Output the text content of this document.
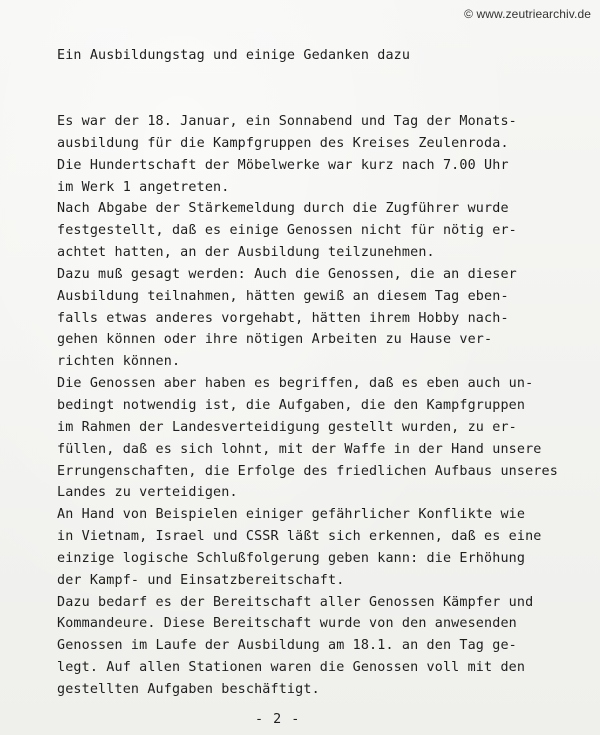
© www.zeutriearchiv.de
Ein Ausbildungstag und einige Gedanken dazu
Es war der 18. Januar, ein Sonnabend und Tag der Monats-
ausbildung für die Kampfgruppen des Kreises Zeulenroda.
Die Hundertschaft der Möbelwerke war kurz nach 7.00 Uhr
im Werk 1 angetreten.
Nach Abgabe der Stärkemeldung durch die Zugführer wurde
festgestellt, daß es einige Genossen nicht für nötig er-
achtet hatten, an der Ausbildung teilzunehmen.
Dazu muß gesagt werden: Auch die Genossen, die an dieser
Ausbildung teilnahmen, hätten gewiß an diesem Tag eben-
falls etwas anderes vorgehabt, hätten ihrem Hobby nach-
gehen können oder ihre nötigen Arbeiten zu Hause ver-
richten können.
Die Genossen aber haben es begriffen, daß es eben auch un-
bedingt notwendig ist, die Aufgaben, die den Kampfgruppen
im Rahmen der Landesverteidigung gestellt wurden, zu er-
füllen, daß es sich lohnt, mit der Waffe in der Hand unsere
Errungenschaften, die Erfolge des friedlichen Aufbaus unseres
Landes zu verteidigen.
An Hand von Beispielen einiger gefährlicher Konflikte wie
in Vietnam, Israel und CSSR läßt sich erkennen, daß es eine
einzige logische Schlußfolgerung geben kann: die Erhöhung
der Kampf- und Einsatzbereitschaft.
Dazu bedarf es der Bereitschaft aller Genossen Kämpfer und
Kommandeure. Diese Bereitschaft wurde von den anwesenden
Genossen im Laufe der Ausbildung am 18.1. an den Tag ge-
legt. Auf allen Stationen waren die Genossen voll mit den
gestellten Aufgaben beschäftigt.
- 2 -
